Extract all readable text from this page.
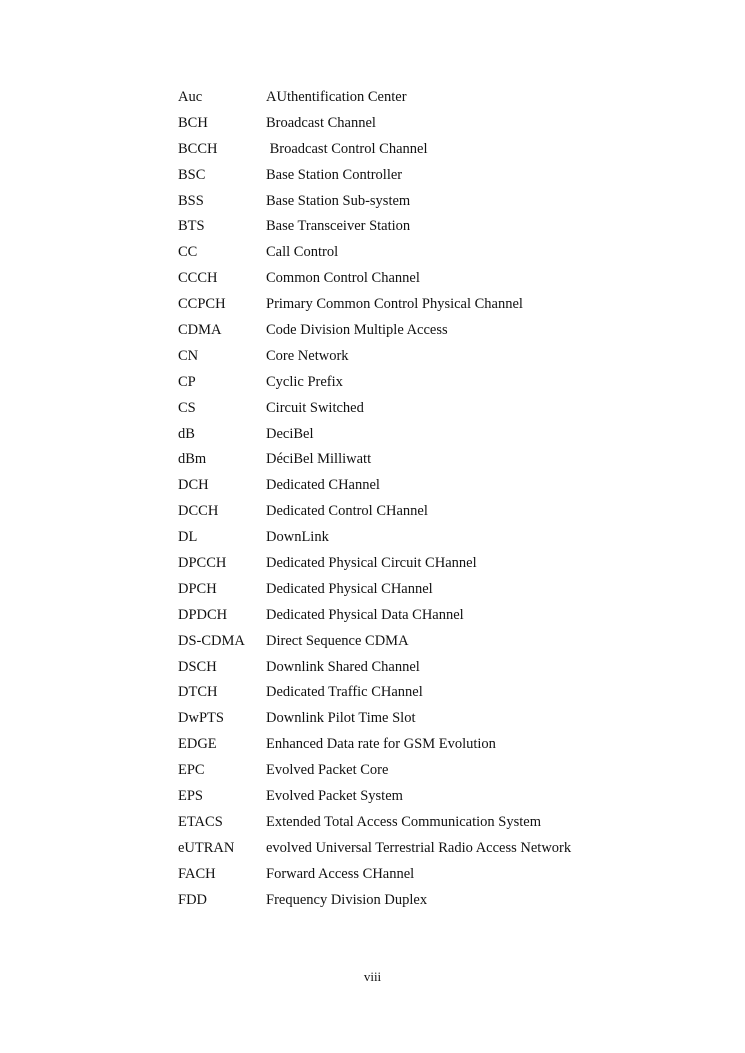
Auc	AUthentification Center
BCH	Broadcast Channel
BCCH	Broadcast Control Channel
BSC	Base Station Controller
BSS	Base Station Sub-system
BTS	Base Transceiver Station
CC	Call Control
CCCH	Common Control Channel
CCPCH	Primary Common Control Physical Channel
CDMA	Code Division Multiple Access
CN	Core Network
CP	Cyclic Prefix
CS	Circuit Switched
dB	DeciBel
dBm	DéciBel Milliwatt
DCH	Dedicated CHannel
DCCH	Dedicated Control CHannel
DL	DownLink
DPCCH	Dedicated Physical Circuit CHannel
DPCH	Dedicated Physical CHannel
DPDCH	Dedicated Physical Data CHannel
DS-CDMA	Direct Sequence CDMA
DSCH	Downlink Shared Channel
DTCH	Dedicated Traffic CHannel
DwPTS	Downlink Pilot Time Slot
EDGE	Enhanced Data rate for GSM Evolution
EPC	Evolved Packet Core
EPS	Evolved Packet System
ETACS	Extended Total Access Communication System
eUTRAN	evolved Universal Terrestrial Radio Access Network
FACH	Forward Access CHannel
FDD	Frequency Division Duplex
viii
